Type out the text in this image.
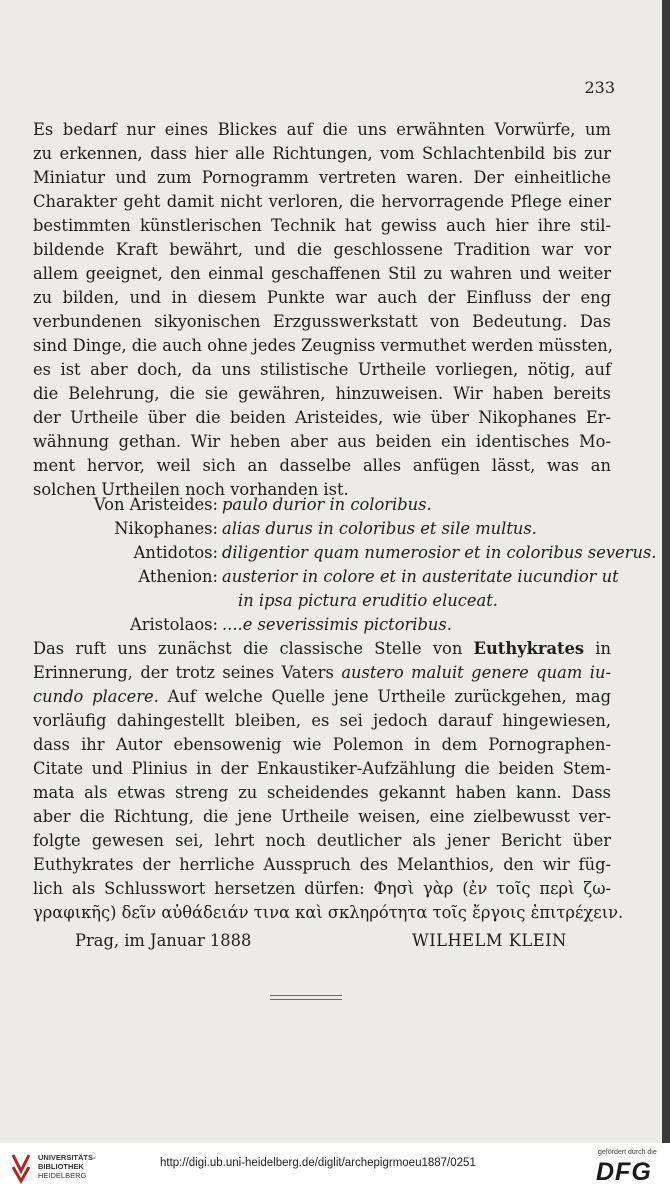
233
Es bedarf nur eines Blickes auf die uns erwähnten Vorwürfe, um
zu erkennen, dass hier alle Richtungen, vom Schlachtenbild bis zur
Miniatur und zum Pornogramm vertreten waren. Der einheitliche
Charakter geht damit nicht verloren, die hervorragende Pflege einer
bestimmten künstlerischen Technik hat gewiss auch hier ihre stil-
bildende Kraft bewährt, und die geschlossene Tradition war vor
allem geeignet, den einmal geschaffenen Stil zu wahren und weiter
zu bilden, und in diesem Punkte war auch der Einfluss der eng
verbundenen sikyonischen Erzgusswerkstatt von Bedeutung. Das
sind Dinge, die auch ohne jedes Zeugniss vermuthet werden müssten,
es ist aber doch, da uns stilistische Urtheile vorliegen, nötig, auf
die Belehrung, die sie gewähren, hinzuweisen. Wir haben bereits
der Urtheile über die beiden Aristeides, wie über Nikophanes Er-
wähnung gethan. Wir heben aber aus beiden ein identisches Mo-
ment hervor, weil sich an dasselbe alles anfügen lässt, was an
solchen Urtheilen noch vorhanden ist.
Von Aristeides: paulo durior in coloribus.
Nikophanes: alias durus in coloribus et sile multus.
Antidotos: diligentior quam numerosior et in coloribus severus.
Athenion: austerior in colore et in austeritate iucundior ut
in ipsa pictura eruditio eluceat.
Aristolaos: ....e severissimis pictoribus.
Das ruft uns zunächst die classische Stelle von Euthykrates in
Erinnerung, der trotz seines Vaters austero maluit genere quam iu-
cundo placere. Auf welche Quelle jene Urtheile zurückgehen, mag
vorläufig dahingestellt bleiben, es sei jedoch darauf hingewiesen,
dass ihr Autor ebensowenig wie Polemon in dem Pornographen-
Citate und Plinius in der Enkaustiker-Aufzählung die beiden Stem-
mata als etwas streng zu scheidendes gekannt haben kann. Dass
aber die Richtung, die jene Urtheile weisen, eine zielbewusst ver-
folgte gewesen sei, lehrt noch deutlicher als jener Bericht über
Euthykrates der herrliche Ausspruch des Melanthios, den wir füg-
lich als Schlusswort hersetzen dürfen: Φησὶ γὰρ (ἐν τοῖς περὶ ζω-
γραφικῆς) δεῖν αὐθάδειάν τινα καὶ σκληρότητα τοῖς ἔργοις ἐπιτρέχειν.
Prag, im Januar 1888	WILHELM KLEIN
UNIVERSITÄTS-
BIBLIOTHEK
HEIDELBERG
http://digi.ub.uni-heidelberg.de/diglit/archepigrmoeu1887/0251
gefördert durch die
DFG
